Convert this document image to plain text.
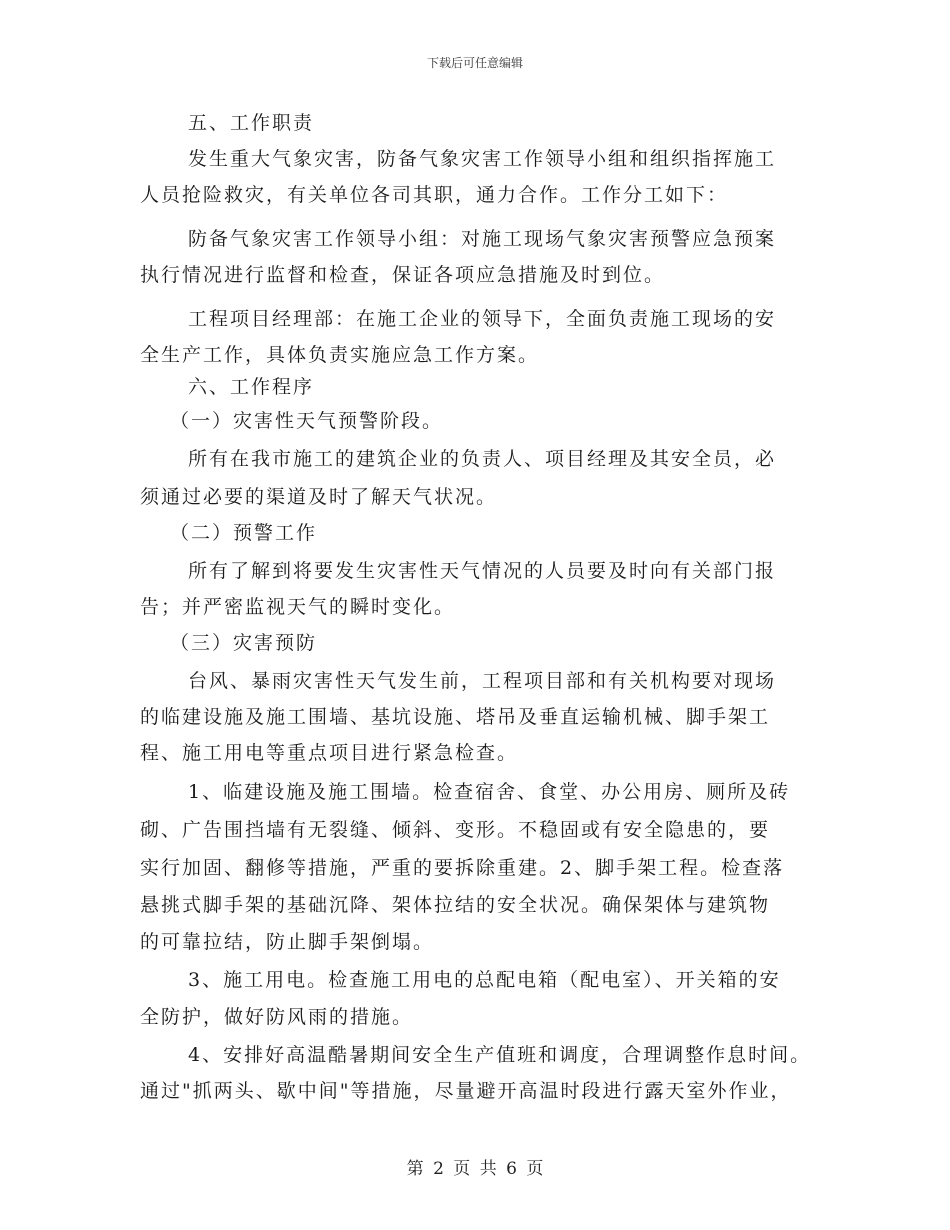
下载后可任意编辑
五、工作职责
发生重大气象灾害，防备气象灾害工作领导小组和组织指挥施工
人员抢险救灾，有关单位各司其职，通力合作。工作分工如下：
防备气象灾害工作领导小组：对施工现场气象灾害预警应急预案
执行情况进行监督和检查，保证各项应急措施及时到位。
工程项目经理部：在施工企业的领导下，全面负责施工现场的安
全生产工作，具体负责实施应急工作方案。
六、工作程序
（一）灾害性天气预警阶段。
所有在我市施工的建筑企业的负责人、项目经理及其安全员，必
须通过必要的渠道及时了解天气状况。
（二）预警工作
所有了解到将要发生灾害性天气情况的人员要及时向有关部门报
告；并严密监视天气的瞬时变化。
（三）灾害预防
台风、暴雨灾害性天气发生前，工程项目部和有关机构要对现场
的临建设施及施工围墙、基坑设施、塔吊及垂直运输机械、脚手架工
程、施工用电等重点项目进行紧急检查。
1、临建设施及施工围墙。检查宿舍、食堂、办公用房、厕所及砖
砌、广告围挡墙有无裂缝、倾斜、变形。不稳固或有安全隐患的，要
实行加固、翻修等措施，严重的要拆除重建。2、脚手架工程。检查落
悬挑式脚手架的基础沉降、架体拉结的安全状况。确保架体与建筑物
的可靠拉结，防止脚手架倒塌。
3、施工用电。检查施工用电的总配电箱（配电室）、开关箱的安
全防护，做好防风雨的措施。
4、安排好高温酷暑期间安全生产值班和调度，合理调整作息时间。
通过"抓两头、歇中间"等措施，尽量避开高温时段进行露天室外作业，
第 2 页 共 6 页
